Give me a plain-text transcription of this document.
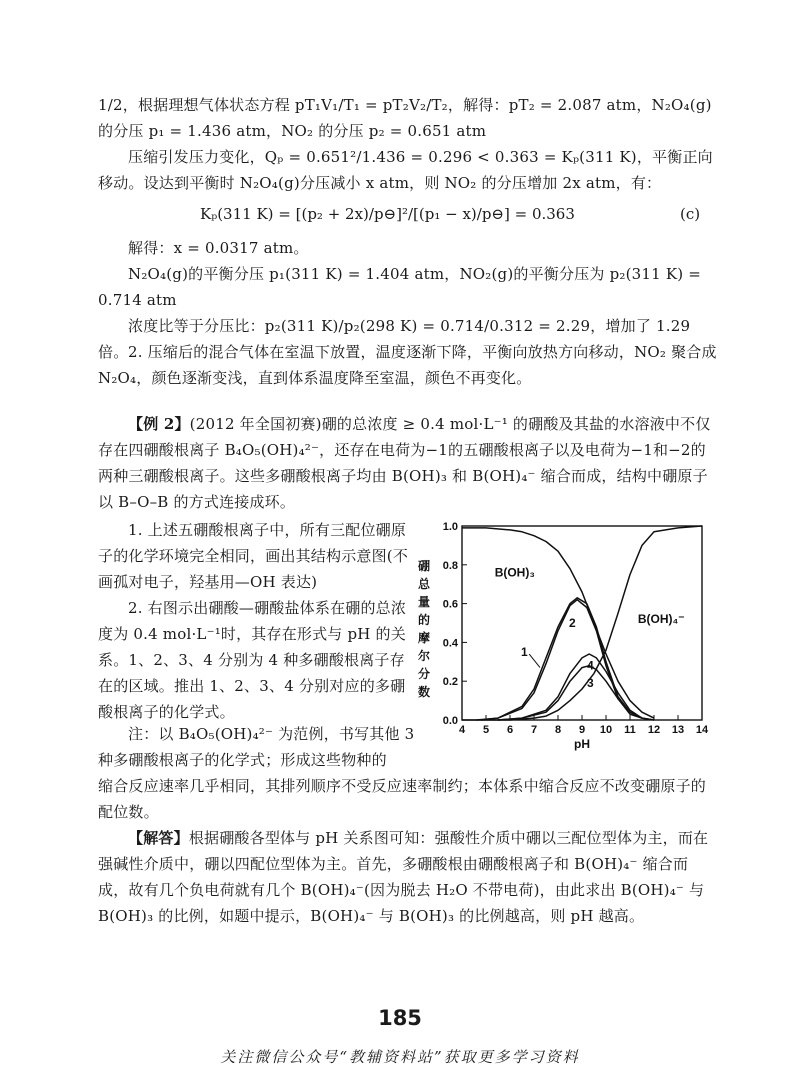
1/2，根据理想气体状态方程 pT₁V₁/T₁ = pT₂V₂/T₂，解得：pT₂ = 2.087 atm，N₂O₄(g)的分压 p₁ = 1.436 atm，NO₂ 的分压 p₂ = 0.651 atm

压缩引发压力变化，Qₚ = 0.651²/1.436 = 0.296 < 0.363 = Kₚ(311 K)，平衡正向移动。设达到平衡时 N₂O₄(g)分压减小 x atm，则 NO₂ 的分压增加 2x atm，有：

Kₚ(311 K) = [(p₂ + 2x)/p⊖]²/[(p₁ − x)/p⊖] = 0.363	(c)

解得：x = 0.0317 atm。

N₂O₄(g)的平衡分压 p₁(311 K) = 1.404 atm，NO₂(g)的平衡分压为 p₂(311 K) = 0.714 atm

浓度比等于分压比：p₂(311 K)/p₂(298 K) = 0.714/0.312 = 2.29，增加了 1.29 倍。 2. 压缩后的混合气体在室温下放置，温度逐渐下降，平衡向放热方向移动，NO₂ 聚合成 N₂O₄，颜色逐渐变浅，直到体系温度降至室温，颜色不再变化。

【例 2】(2012 年全国初赛)硼的总浓度 ≥ 0.4 mol·L⁻¹ 的硼酸及其盐的水溶液中不仅存在四硼酸根离子 B₄O₅(OH)₄²⁻，还存在电荷为−1的五硼酸根离子以及电荷为−1和−2的两种三硼酸根离子。这些多硼酸根离子均由 B(OH)₃ 和 B(OH)₄⁻ 缩合而成，结构中硼原子以 B–O–B 的方式连接成环。

1. 上述五硼酸根离子中，所有三配位硼原子的化学环境完全相同，画出其结构示意图(不画孤对电子，羟基用—OH 表达)

2. 右图示出硼酸—硼酸盐体系在硼的总浓度为 0.4 mol·L⁻¹时，其存在形式与 pH 的关系。1、2、3、4 分别为 4 种多硼酸根离子存在的区域。推出 1、2、3、4 分别对应的多硼酸根离子的化学式。

注：以 B₄O₅(OH)₄²⁻ 为范例，书写其他 3 种多硼酸根离子的化学式；形成这些物种的

缩合反应速率几乎相同，其排列顺序不受反应速率制约；本体系中缩合反应不改变硼原子的配位数。

【解答】根据硼酸各型体与 pH 关系图可知：强酸性介质中硼以三配位型体为主，而在强碱性介质中，硼以四配位型体为主。首先，多硼酸根由硼酸根离子和 B(OH)₄⁻ 缩合而成，故有几个负电荷就有几个 B(OH)₄⁻(因为脱去 H₂O 不带电荷)，由此求出 B(OH)₄⁻ 与 B(OH)₃ 的比例，如题中提示，B(OH)₄⁻ 与 B(OH)₃ 的比例越高，则 pH 越高。

4 5 6 7 8 9 10 11 12 13 14
0.0
0.2
0.4
0.6
0.8
1.0
pH
硼总量的摩尔分数
B(OH)₃
B(OH)₄⁻
2
1
4
3
185
关注微信公众号“教辅资料站”获取更多学习资料
